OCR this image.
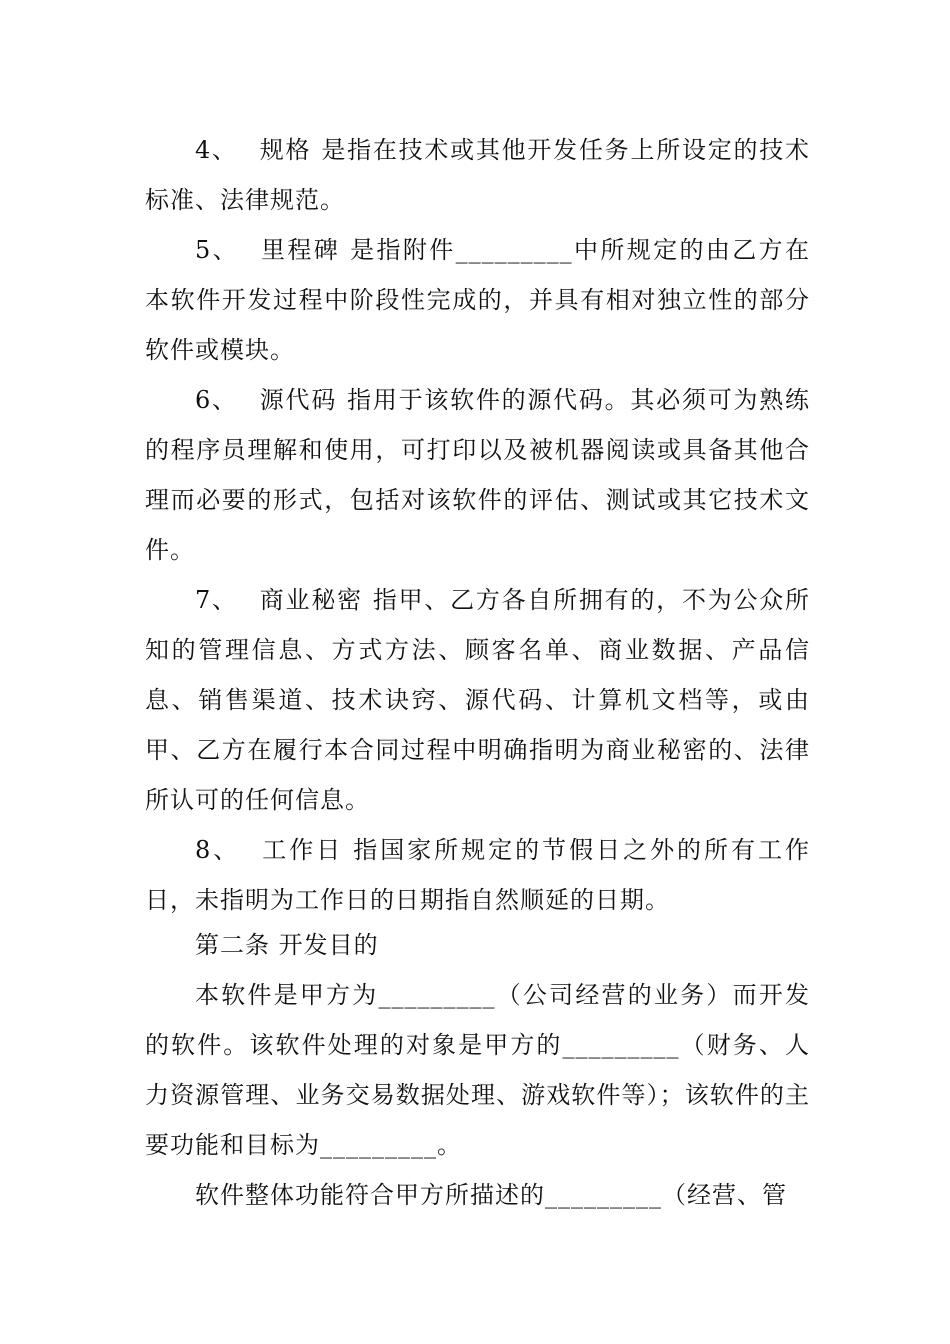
4、 规格 是指在技术或其他开发任务上所设定的技术标准、法律规范。

5、 里程碑 是指附件_________中所规定的由乙方在本软件开发过程中阶段性完成的，并具有相对独立性的部分软件或模块。

6、 源代码 指用于该软件的源代码。其必须可为熟练的程序员理解和使用，可打印以及被机器阅读或具备其他合理而必要的形式，包括对该软件的评估、测试或其它技术文件。

7、 商业秘密 指甲、乙方各自所拥有的，不为公众所知的管理信息、方式方法、顾客名单、商业数据、产品信息、销售渠道、技术诀窍、源代码、计算机文档等，或由甲、乙方在履行本合同过程中明确指明为商业秘密的、法律所认可的任何信息。

8、 工作日 指国家所规定的节假日之外的所有工作日，未指明为工作日的日期指自然顺延的日期。

第二条 开发目的

本软件是甲方为_________（公司经营的业务）而开发的软件。该软件处理的对象是甲方的_________（财务、人力资源管理、业务交易数据处理、游戏软件等）；该软件的主要功能和目标为_________。

软件整体功能符合甲方所描述的_________（经营、管
